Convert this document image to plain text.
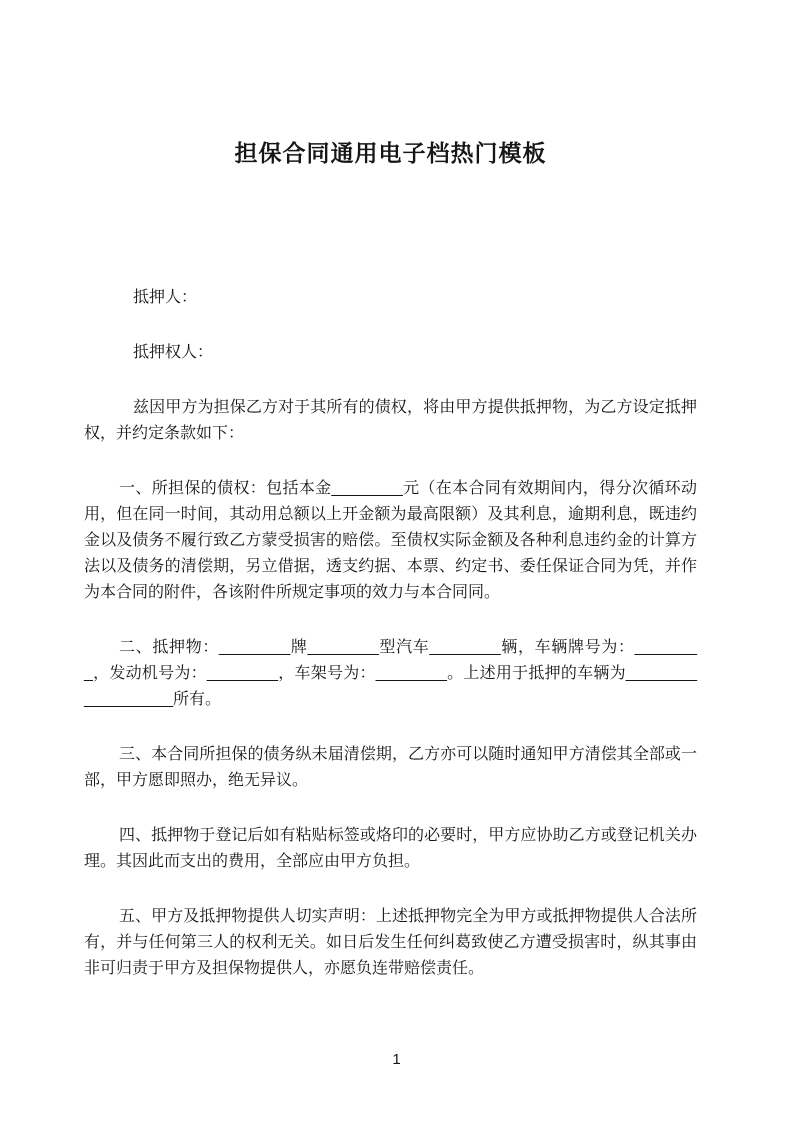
担保合同通用电子档热门模板

抵押人：

抵押权人：

兹因甲方为担保乙方对于其所有的债权，将由甲方提供抵押物，为乙方设定抵押权，并约定条款如下：

一、所担保的债权：包括本金________元（在本合同有效期间内，得分次循环动用，但在同一时间，其动用总额以上开金额为最高限额）及其利息，逾期利息，既违约金以及债务不履行致乙方蒙受损害的赔偿。至债权实际金额及各种利息违约金的计算方法以及债务的清偿期，另立借据，透支约据、本票、约定书、委任保证合同为凭，并作为本合同的附件，各该附件所规定事项的效力与本合同同。

二、抵押物：________牌________型汽车________辆，车辆牌号为：________，发动机号为：________，车架号为：________。上述用于抵押的车辆为__________________所有。

三、本合同所担保的债务纵未届清偿期，乙方亦可以随时通知甲方清偿其全部或一部，甲方愿即照办，绝无异议。

四、抵押物于登记后如有粘贴标签或烙印的必要时，甲方应协助乙方或登记机关办理。其因此而支出的费用，全部应由甲方负担。

五、甲方及抵押物提供人切实声明：上述抵押物完全为甲方或抵押物提供人合法所有，并与任何第三人的权利无关。如日后发生任何纠葛致使乙方遭受损害时，纵其事由非可归责于甲方及担保物提供人，亦愿负连带赔偿责任。

1
